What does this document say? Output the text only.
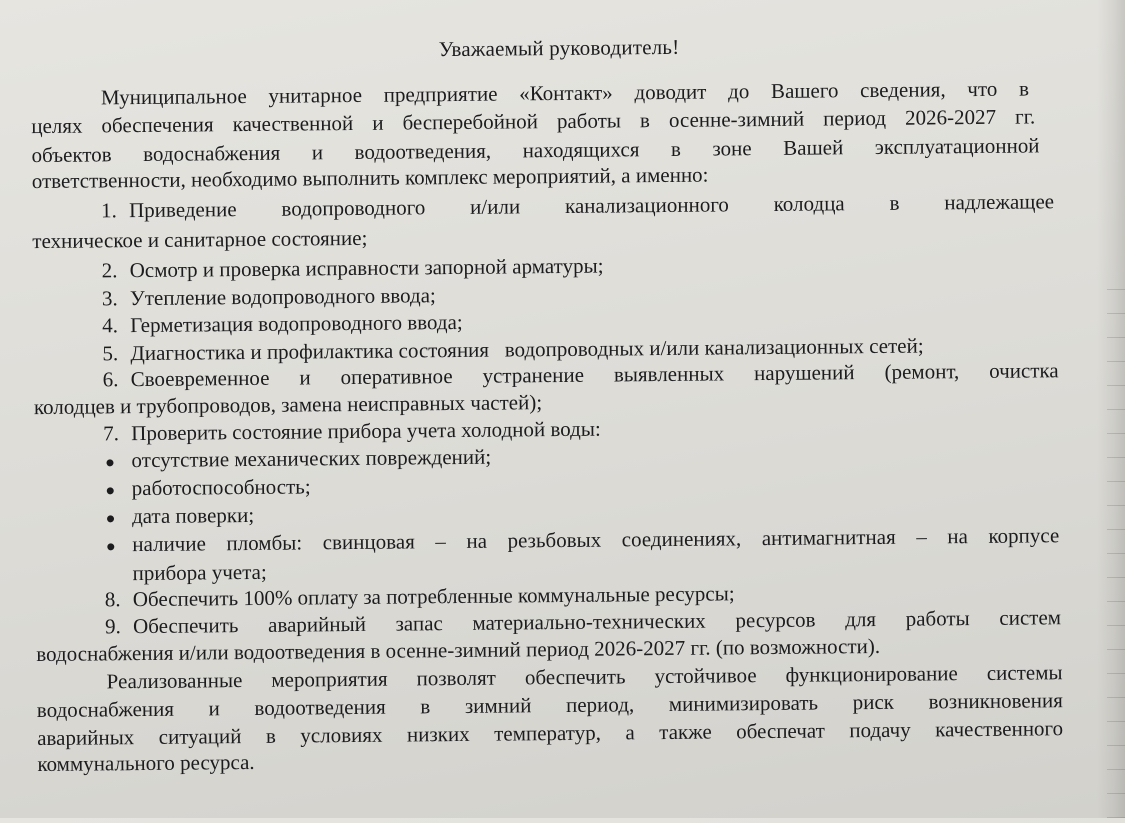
Уважаемый руководитель!
Муниципальное унитарное предприятие «Контакт» доводит до Вашего сведения, что в
целях обеспечения качественной и бесперебойной работы в осенне-зимний период 2026-2027 гг.
объектов водоснабжения и водоотведения, находящихся в зоне Вашей эксплуатационной
ответственности, необходимо выполнить комплекс мероприятий, а именно:
1. Приведение водопроводного и/или канализационного колодца в надлежащее
техническое и санитарное состояние;
2. Осмотр и проверка исправности запорной арматуры;
3. Утепление водопроводного ввода;
4. Герметизация водопроводного ввода;
5. Диагностика и профилактика состояния   водопроводных и/или канализационных сетей;
6. Своевременное и оперативное устранение выявленных нарушений (ремонт, очистка
колодцев и трубопроводов, замена неисправных частей);
7. Проверить состояние прибора учета холодной воды:
отсутствие механических повреждений;
работоспособность;
дата поверки;
наличие пломбы: свинцовая – на резьбовых соединениях, антимагнитная – на корпусе
прибора учета;
8. Обеспечить 100% оплату за потребленные коммунальные ресурсы;
9. Обеспечить аварийный запас материально-технических ресурсов для работы систем
водоснабжения и/или водоотведения в осенне-зимний период 2026-2027 гг. (по возможности).
Реализованные мероприятия позволят обеспечить устойчивое функционирование системы
водоснабжения и водоотведения в зимний период, минимизировать риск возникновения
аварийных ситуаций в условиях низких температур, а также обеспечат подачу качественного
коммунального ресурса.
